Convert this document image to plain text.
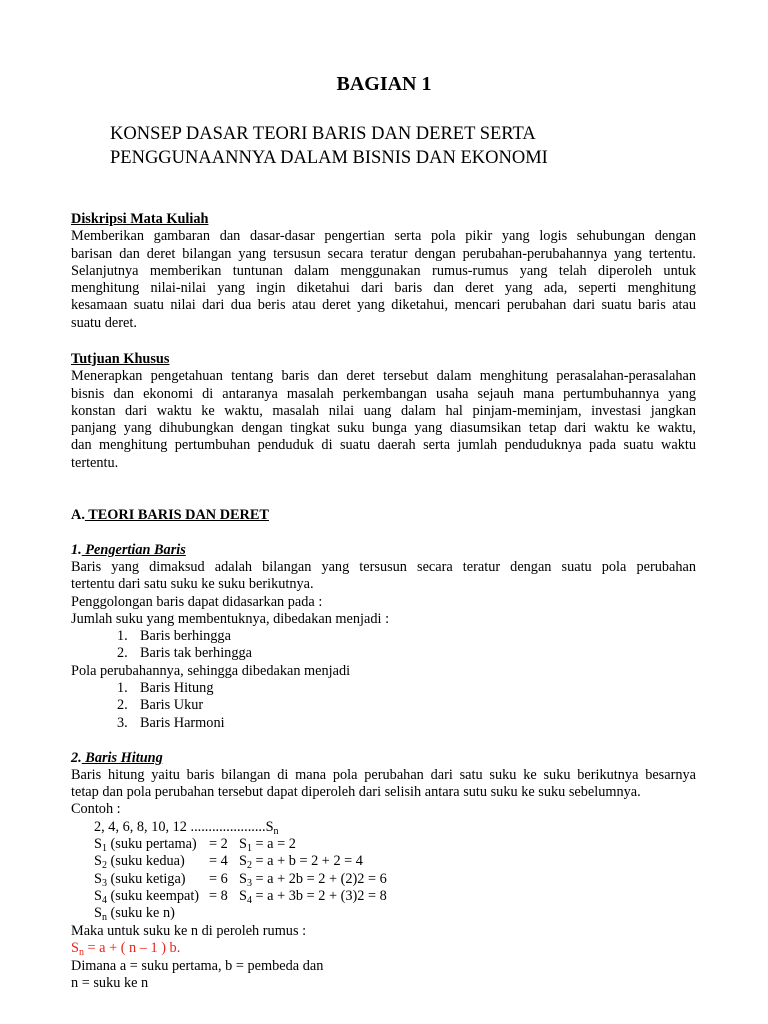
BAGIAN 1
KONSEP DASAR TEORI BARIS DAN DERET SERTA
PENGGUNAANNYA DALAM BISNIS DAN EKONOMI
Diskripsi Mata Kuliah
Memberikan gambaran dan dasar-dasar pengertian serta pola pikir yang logis sehubungan dengan
barisan dan deret bilangan yang tersusun secara teratur dengan perubahan-perubahannya yang tertentu.
Selanjutnya memberikan tuntunan dalam menggunakan rumus-rumus yang telah diperoleh untuk
menghitung nilai-nilai yang ingin diketahui dari baris dan deret yang ada, seperti menghitung
kesamaan suatu nilai dari dua beris atau deret yang diketahui, mencari perubahan dari suatu baris atau
suatu deret.
Tutjuan Khusus
Menerapkan pengetahuan tentang baris dan deret tersebut dalam menghitung perasalahan-perasalahan
bisnis dan ekonomi di antaranya masalah perkembangan usaha sejauh mana pertumbuhannya yang
konstan dari waktu ke waktu, masalah nilai uang dalam hal pinjam-meminjam, investasi jangkan
panjang yang dihubungkan dengan tingkat suku bunga yang diasumsikan tetap dari waktu ke waktu,
dan menghitung pertumbuhan penduduk di suatu daerah serta jumlah penduduknya pada suatu waktu
tertentu.
A. TEORI BARIS DAN DERET
1. Pengertian Baris
Baris yang dimaksud adalah bilangan yang tersusun secara teratur dengan suatu pola perubahan
tertentu dari satu suku ke suku berikutnya.
Penggolongan baris dapat didasarkan pada :
Jumlah suku yang membentuknya, dibedakan menjadi :
1. Baris berhingga
2. Baris tak berhingga
Pola perubahannya, sehingga dibedakan menjadi
1. Baris Hitung
2. Baris Ukur
3. Baris Harmoni
2. Baris Hitung
Baris hitung yaitu baris bilangan di mana pola perubahan dari satu suku ke suku berikutnya besarnya
tetap dan pola perubahan tersebut dapat diperoleh dari selisih antara sutu suku ke suku sebelumnya.
Contoh :
2, 4, 6, 8, 10, 12 $.....................S_n$
$S_1$ (suku pertama) = 2 $S_1 = a = 2$
$S_2$ (suku kedua) = 4 $S_2 = a + b = 2 + 2 = 4$
$S_3$ (suku ketiga) = 6 $S_3 = a + 2b = 2 + (2)2 = 6$
$S_4$ (suku keempat) = 8 $S_4 = a + 3b = 2 + (3)2 = 8$
$S_n$ (suku ke n)
Maka untuk suku ke n di peroleh rumus :
$S_n = a$ + ( n – 1 ) b.
Dimana a = suku pertama, b = pembeda dan
n = suku ke n
